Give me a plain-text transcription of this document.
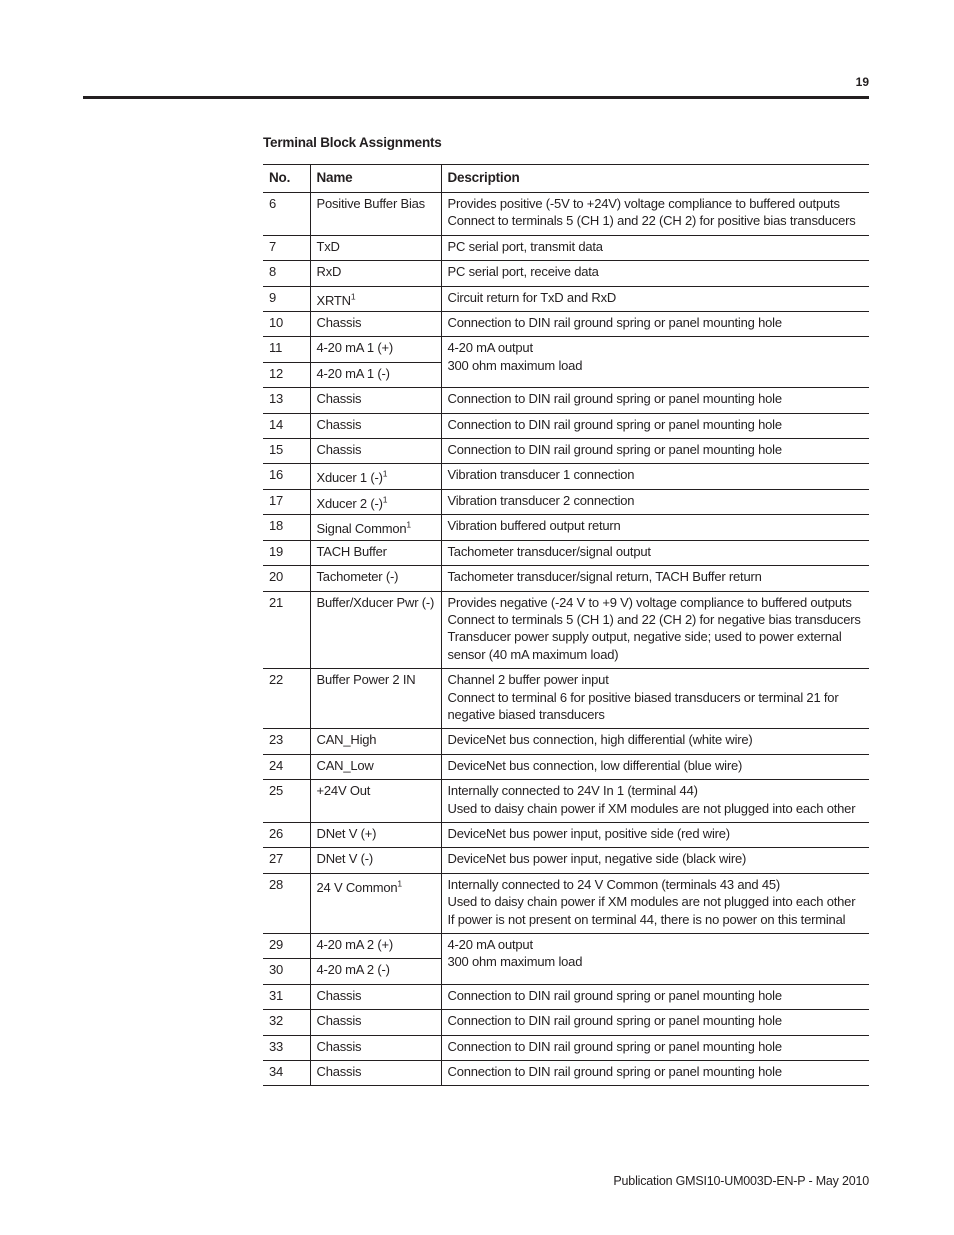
19
Terminal Block Assignments
No.	Name	Description
6	Positive Buffer Bias	Provides positive (-5V to +24V) voltage compliance to buffered outputs
Connect to terminals 5 (CH 1) and 22 (CH 2) for positive bias transducers

7	TxD	PC serial port, transmit data

8	RxD	PC serial port, receive data

9	XRTN$^1$	Circuit return for TxD and RxD

10	Chassis	Connection to DIN rail ground spring or panel mounting hole

11	4-20 mA 1 (+)	4-20 mA output
300 ohm maximum load

12	4-20 mA 1 (-)	
13	Chassis	Connection to DIN rail ground spring or panel mounting hole

14	Chassis	Connection to DIN rail ground spring or panel mounting hole

15	Chassis	Connection to DIN rail ground spring or panel mounting hole

16	Xducer 1 $(-)^1$	Vibration transducer 1 connection

17	Xducer 2 $(-)^1$	Vibration transducer 2 connection

18	Signal Common$^1$	Vibration buffered output return

19	TACH Buffer	Tachometer transducer/signal output

20	Tachometer (-)	Tachometer transducer/signal return, TACH Buffer return

21	Buffer/Xducer Pwr (-)	Provides negative (-24 V to +9 V) voltage compliance to buffered outputs
Connect to terminals 5 (CH 1) and 22 (CH 2) for negative bias transducers
Transducer power supply output, negative side; used to power external sensor (40 mA maximum load)

22	Buffer Power 2 IN	Channel 2 buffer power input
Connect to terminal 6 for positive biased transducers or terminal 21 for negative biased transducers

23	CAN_High	DeviceNet bus connection, high differential (white wire)

24	CAN_Low	DeviceNet bus connection, low differential (blue wire)

25	+24V Out	Internally connected to 24V In 1 (terminal 44)
Used to daisy chain power if XM modules are not plugged into each other

26	DNet V (+)	DeviceNet bus power input, positive side (red wire)

27	DNet V (-)	DeviceNet bus power input, negative side (black wire)

28	24 V Common$^1$	Internally connected to 24 V Common (terminals 43 and 45)
Used to daisy chain power if XM modules are not plugged into each other
If power is not present on terminal 44, there is no power on this terminal

29	4-20 mA 2 (+)	4-20 mA output
300 ohm maximum load

30	4-20 mA 2 (-)	
31	Chassis	Connection to DIN rail ground spring or panel mounting hole

32	Chassis	Connection to DIN rail ground spring or panel mounting hole

33	Chassis	Connection to DIN rail ground spring or panel mounting hole

34	Chassis	Connection to DIN rail ground spring or panel mounting hole
Publication GMSI10-UM003D-EN-P - May 2010
